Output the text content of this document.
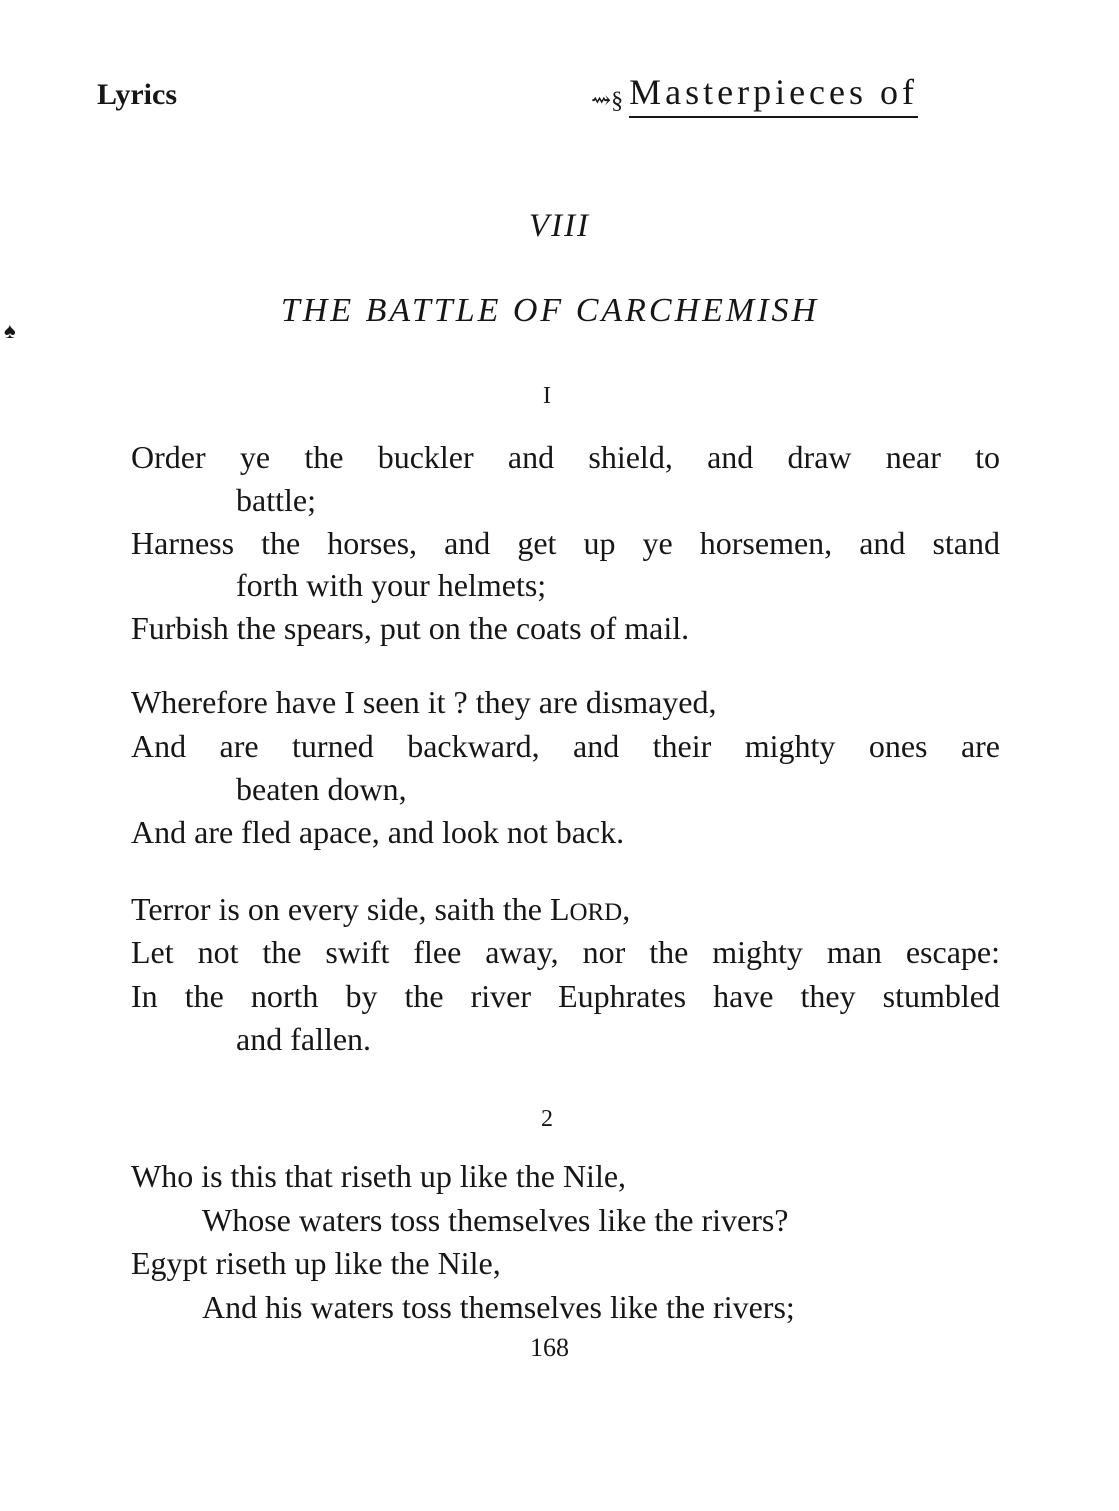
Lyrics	⇝§ Masterpieces of
♠
VIII
THE BATTLE OF CARCHEMISH
I
Order ye the buckler and shield, and draw near to
battle;
Harness the horses, and get up ye horsemen, and stand
forth with your helmets;
Furbish the spears, put on the coats of mail.
Wherefore have I seen it ? they are dismayed,
And are turned backward, and their mighty ones are
beaten down,
And are fled apace, and look not back.
Terror is on every side, saith the LORD,
Let not the swift flee away, nor the mighty man escape:
In the north by the river Euphrates have they stumbled
and fallen.
2
Who is this that riseth up like the Nile,
Whose waters toss themselves like the rivers?
Egypt riseth up like the Nile,
And his waters toss themselves like the rivers;
168
